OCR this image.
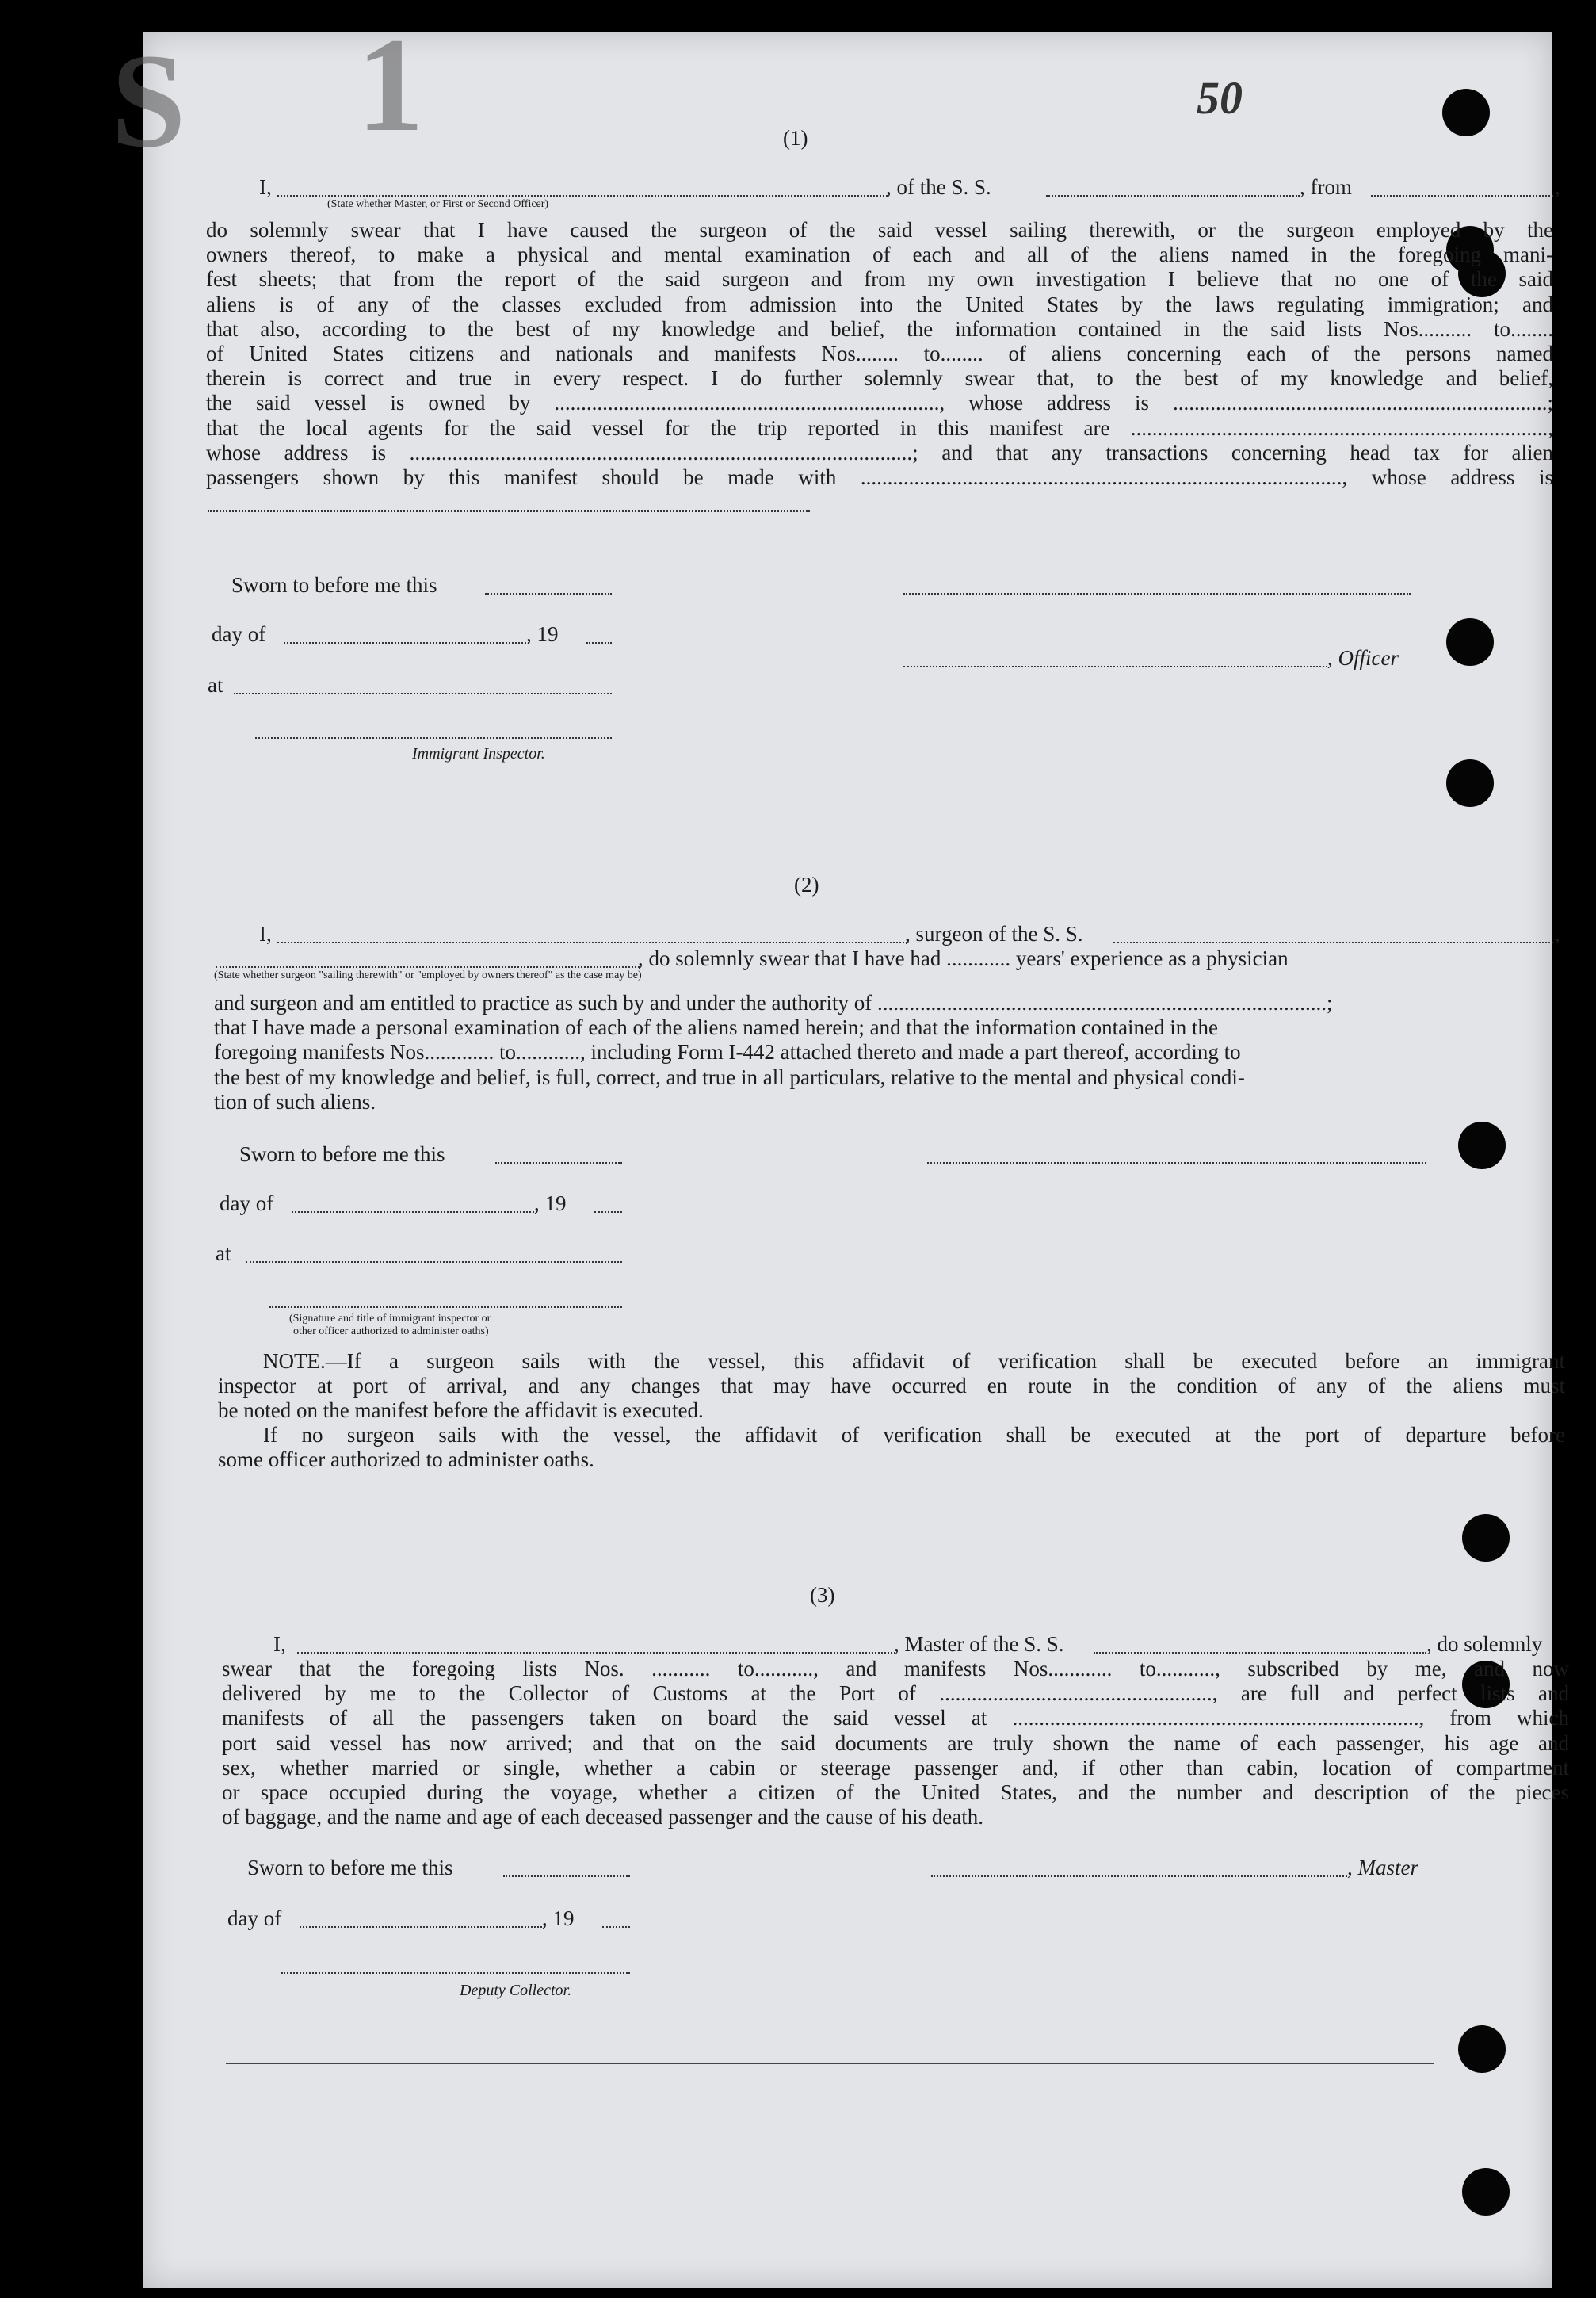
S 1	50
(1)
I,	, of the S. S.	, from	,
(State whether Master, or First or Second Officer)
do solemnly swear that I have caused the surgeon of the said vessel sailing therewith, or the surgeon employed by the
owners thereof, to make a physical and mental examination of each and all of the aliens named in the foregoing mani-
fest sheets; that from the report of the said surgeon and from my own investigation I believe that no one of the said
aliens is of any of the classes excluded from admission into the United States by the laws regulating immigration; and
that also, according to the best of my knowledge and belief, the information contained in the said lists Nos.......... to........
of United States citizens and nationals and manifests Nos........ to........ of aliens concerning each of the persons named
therein is correct and true in every respect. I do further solemnly swear that, to the best of my knowledge and belief,
the said vessel is owned by ........................................................................, whose address is ......................................................................;
that the local agents for the said vessel for the trip reported in this manifest are ..............................................................................,
whose address is ..............................................................................................; and that any transactions concerning head tax for alien
passengers shown by this manifest should be made with .........................................................................................., whose address is
Sworn to before me this
day of	, 19
, Officer
at
Immigrant Inspector.
(2)
I,	, surgeon of the S. S.	,
, do solemnly swear that I have had ............ years' experience as a physician
(State whether surgeon "sailing therewith" or "employed by owners thereof" as the case may be)
and surgeon and am entitled to practice as such by and under the authority of ....................................................................................;
that I have made a personal examination of each of the aliens named herein; and that the information contained in the
foregoing manifests Nos............. to............, including Form I-442 attached thereto and made a part thereof, according to
the best of my knowledge and belief, is full, correct, and true in all particulars, relative to the mental and physical condi-
tion of such aliens.
Sworn to before me this
day of	, 19
at
(Signature and title of immigrant inspector or
other officer authorized to administer oaths)
NOTE.—If a surgeon sails with the vessel, this affidavit of verification shall be executed before an immigrant
inspector at port of arrival, and any changes that may have occurred en route in the condition of any of the aliens must
be noted on the manifest before the affidavit is executed.
If no surgeon sails with the vessel, the affidavit of verification shall be executed at the port of departure before
some officer authorized to administer oaths.
(3)
I,	, Master of the S. S.	, do solemnly
swear that the foregoing lists Nos. ........... to..........., and manifests Nos............ to..........., subscribed by me, and now
delivered by me to the Collector of Customs at the Port of ..................................................., are full and perfect lists and
manifests of all the passengers taken on board the said vessel at ............................................................................, from which
port said vessel has now arrived; and that on the said documents are truly shown the name of each passenger, his age and
sex, whether married or single, whether a cabin or steerage passenger and, if other than cabin, location of compartment
or space occupied during the voyage, whether a citizen of the United States, and the number and description of the pieces
of baggage, and the name and age of each deceased passenger and the cause of his death.
Sworn to before me this	, Master
day of	, 19
Deputy Collector.
